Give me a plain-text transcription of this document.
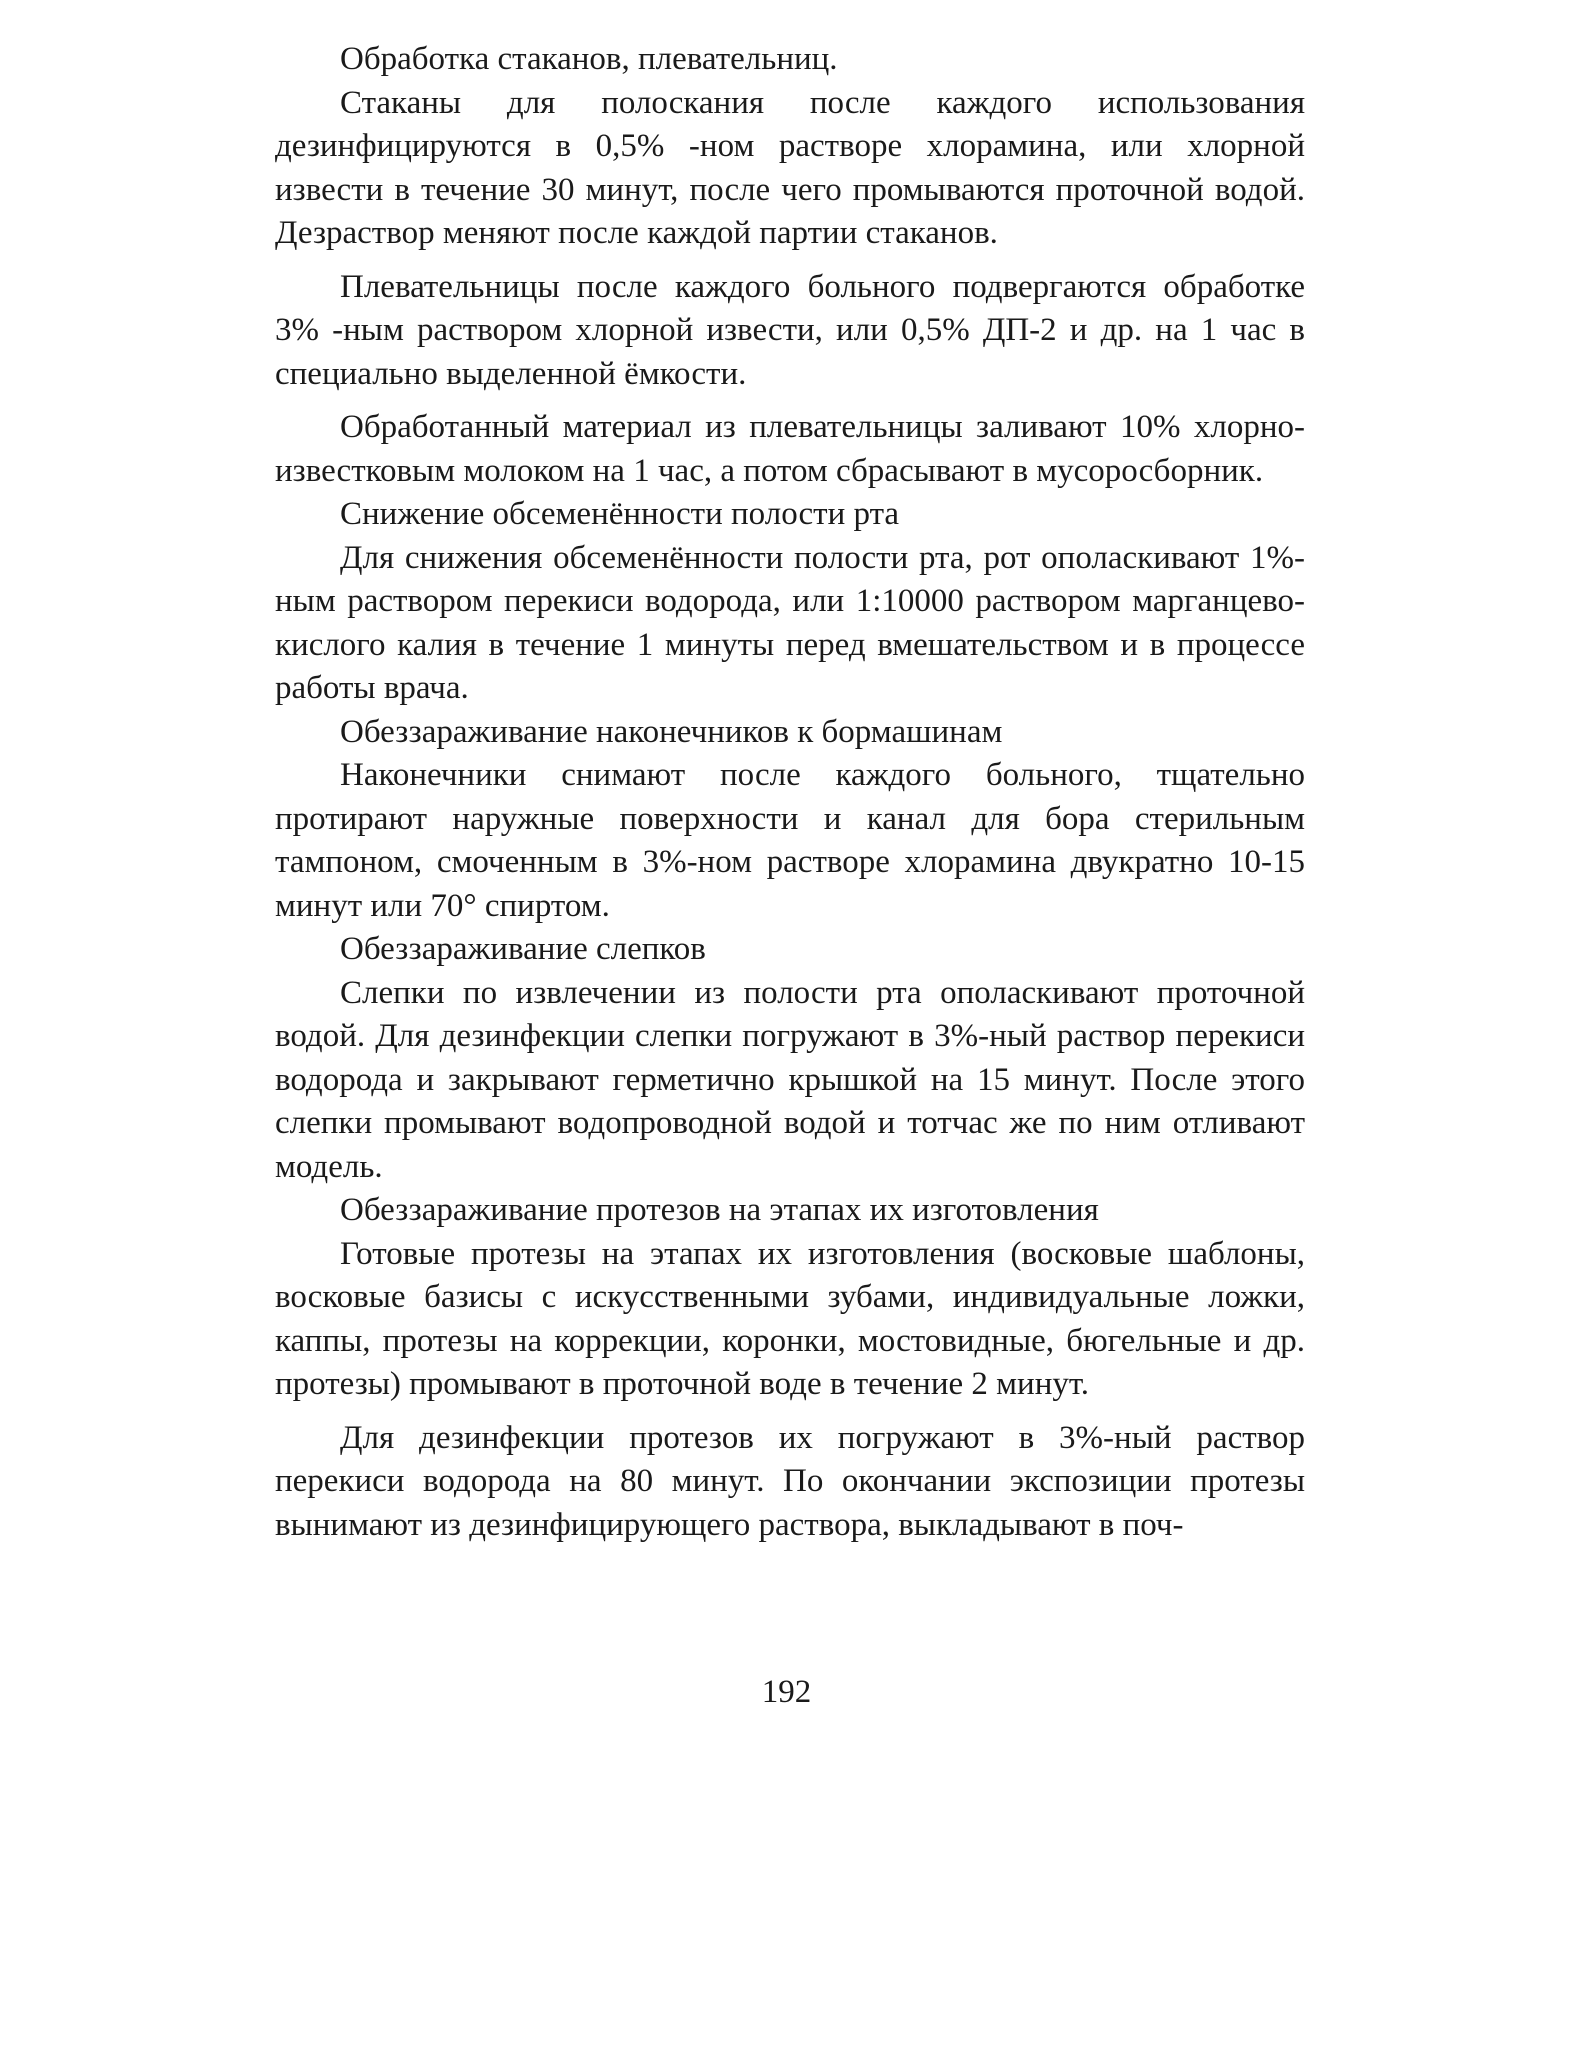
Обработка стаканов, плевательниц.

Стаканы для полоскания после каждого использования дезинфицируются в 0,5% -ном растворе хлорамина, или хлорной извести в течение 30 минут, после чего промываются проточной водой. Дезраствор меняют после каждой партии стаканов.

Плевательницы после каждого больного подвергаются обработке 3% -ным раствором хлорной извести, или 0,5% ДП-2 и др. на 1 час в специально выделенной ёмкости.

Обработанный материал из плевательницы заливают 10% хлорно-известковым молоком на 1 час, а потом сбрасывают в мусоросборник.

Снижение обсеменённости полости рта

Для снижения обсеменённости полости рта, рот ополаскивают 1%-ным раствором перекиси водорода, или 1:10000 раствором марганцево-кислого калия в течение 1 минуты перед вмешательством и в процессе работы врача.

Обеззараживание наконечников к бормашинам

Наконечники снимают после каждого больного, тщательно протирают наружные поверхности и канал для бора стерильным тампоном, смоченным в 3%-ном растворе хлорамина двукратно 10-15 минут или 70° спиртом.

Обеззараживание слепков

Слепки по извлечении из полости рта ополаскивают проточной водой. Для дезинфекции слепки погружают в 3%-ный раствор перекиси водорода и закрывают герметично крышкой на 15 минут. После этого слепки промывают водопроводной водой и тотчас же по ним отливают модель.

Обеззараживание протезов на этапах их изготовления

Готовые протезы на этапах их изготовления (восковые шаблоны, восковые базисы с искусственными зубами, индивидуальные ложки, каппы, протезы на коррекции, коронки, мостовидные, бюгельные и др. протезы) промывают в проточной воде в течение 2 минут.

Для дезинфекции протезов их погружают в 3%-ный раствор перекиси водорода на 80 минут. По окончании экспозиции протезы вынимают из дезинфицирующего раствора, выкладывают в поч-

192
